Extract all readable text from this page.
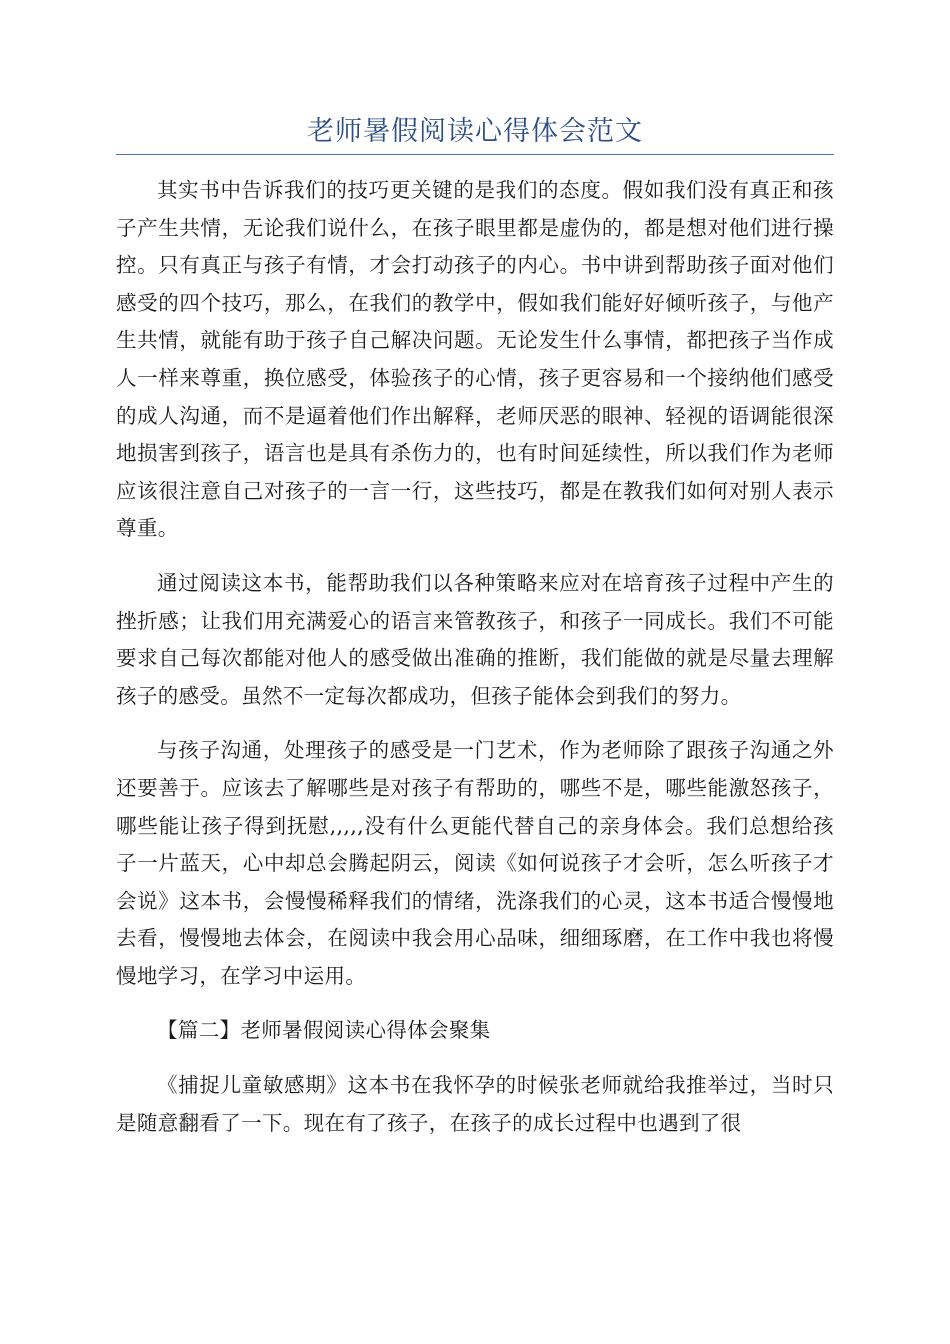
老师暑假阅读心得体会范文

其实书中告诉我们的技巧更关键的是我们的态度。假如我们没有真正和孩子产生共情，无论我们说什么，在孩子眼里都是虚伪的，都是想对他们进行操控。只有真正与孩子有情，才会打动孩子的内心。书中讲到帮助孩子面对他们感受的四个技巧，那么，在我们的教学中，假如我们能好好倾听孩子，与他产生共情，就能有助于孩子自己解决问题。无论发生什么事情，都把孩子当作成人一样来尊重，换位感受，体验孩子的心情，孩子更容易和一个接纳他们感受的成人沟通，而不是逼着他们作出解释，老师厌恶的眼神、轻视的语调能很深地损害到孩子，语言也是具有杀伤力的，也有时间延续性，所以我们作为老师应该很注意自己对孩子的一言一行，这些技巧，都是在教我们如何对别人表示尊重。

通过阅读这本书，能帮助我们以各种策略来应对在培育孩子过程中产生的挫折感；让我们用充满爱心的语言来管教孩子，和孩子一同成长。我们不可能要求自己每次都能对他人的感受做出准确的推断，我们能做的就是尽量去理解孩子的感受。虽然不一定每次都成功，但孩子能体会到我们的努力。

与孩子沟通，处理孩子的感受是一门艺术，作为老师除了跟孩子沟通之外还要善于。应该去了解哪些是对孩子有帮助的，哪些不是，哪些能激怒孩子，哪些能让孩子得到抚慰,,,,,没有什么更能代替自己的亲身体会。我们总想给孩子一片蓝天，心中却总会腾起阴云，阅读《如何说孩子才会听，怎么听孩子才会说》这本书，会慢慢稀释我们的情绪，洗涤我们的心灵，这本书适合慢慢地去看，慢慢地去体会，在阅读中我会用心品味，细细琢磨，在工作中我也将慢慢地学习，在学习中运用。

【篇二】老师暑假阅读心得体会聚集

《捕捉儿童敏感期》这本书在我怀孕的时候张老师就给我推举过，当时只是随意翻看了一下。现在有了孩子，在孩子的成长过程中也遇到了很
